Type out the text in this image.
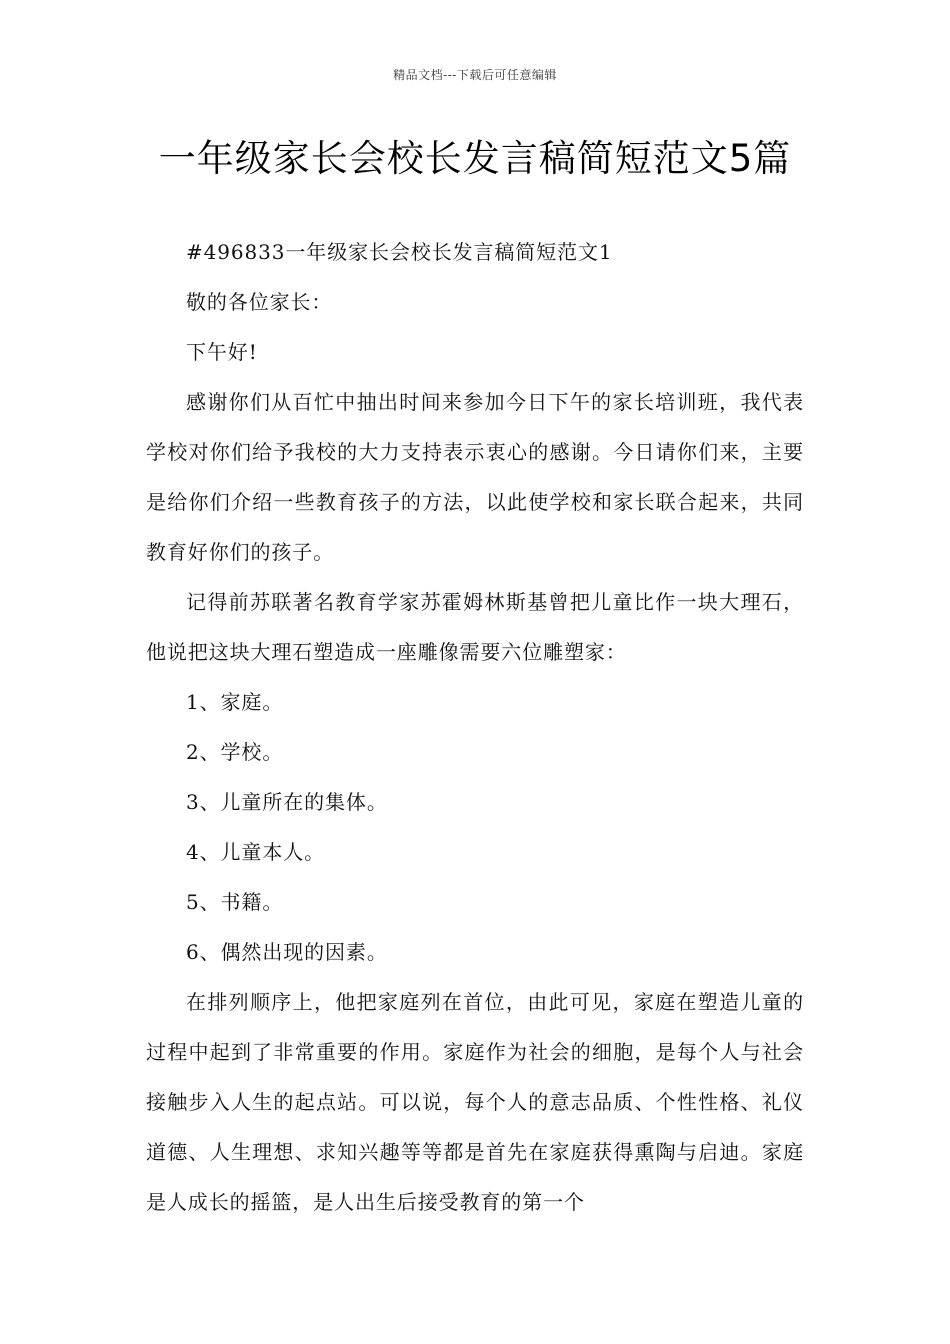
精品文档---下载后可任意编辑
一年级家长会校长发言稿简短范文5篇

#496833一年级家长会校长发言稿简短范文1

敬的各位家长：

下午好!

感谢你们从百忙中抽出时间来参加今日下午的家长培训班，我代表学校对你们给予我校的大力支持表示衷心的感谢。今日请你们来，主要是给你们介绍一些教育孩子的方法，以此使学校和家长联合起来，共同教育好你们的孩子。

记得前苏联著名教育学家苏霍姆林斯基曾把儿童比作一块大理石，他说把这块大理石塑造成一座雕像需要六位雕塑家：

1、家庭。

2、学校。

3、儿童所在的集体。

4、儿童本人。

5、书籍。

6、偶然出现的因素。

在排列顺序上，他把家庭列在首位，由此可见，家庭在塑造儿童的过程中起到了非常重要的作用。家庭作为社会的细胞，是每个人与社会接触步入人生的起点站。可以说，每个人的意志品质、个性性格、礼仪道德、人生理想、求知兴趣等等都是首先在家庭获得熏陶与启迪。家庭是人成长的摇篮，是人出生后接受教育的第一个
